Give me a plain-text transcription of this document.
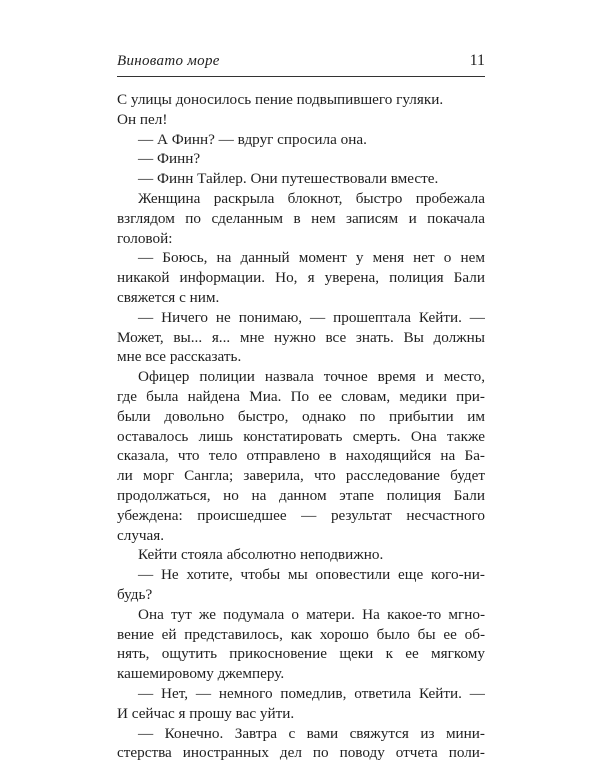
Виновато море	11
С улицы доносилось пение подвыпившего гуляки.
Он пел!
— А Финн? — вдруг спросила она.
— Финн?
— Финн Тайлер. Они путешествовали вместе.
Женщина раскрыла блокнот, быстро пробежала
взглядом по сделанным в нем записям и покачала
головой:
— Боюсь, на данный момент у меня нет о нем
никакой информации. Но, я уверена, полиция Бали
свяжется с ним.
— Ничего не понимаю, — прошептала Кейти. —
Может, вы... я... мне нужно все знать. Вы должны
мне все рассказать.
Офицер полиции назвала точное время и место,
где была найдена Миа. По ее словам, медики при-
были довольно быстро, однако по прибытии им
оставалось лишь констатировать смерть. Она также
сказала, что тело отправлено в находящийся на Ба-
ли морг Сангла; заверила, что расследование будет
продолжаться, но на данном этапе полиция Бали
убеждена: происшедшее — результат несчастного
случая.
Кейти стояла абсолютно неподвижно.
— Не хотите, чтобы мы оповестили еще кого-ни-
будь?
Она тут же подумала о матери. На какое-то мгно-
вение ей представилось, как хорошо было бы ее об-
нять, ощутить прикосновение щеки к ее мягкому
кашемировому джемперу.
— Нет, — немного помедлив, ответила Кейти. —
И сейчас я прошу вас уйти.
— Конечно. Завтра с вами свяжутся из мини-
стерства иностранных дел по поводу отчета поли-
